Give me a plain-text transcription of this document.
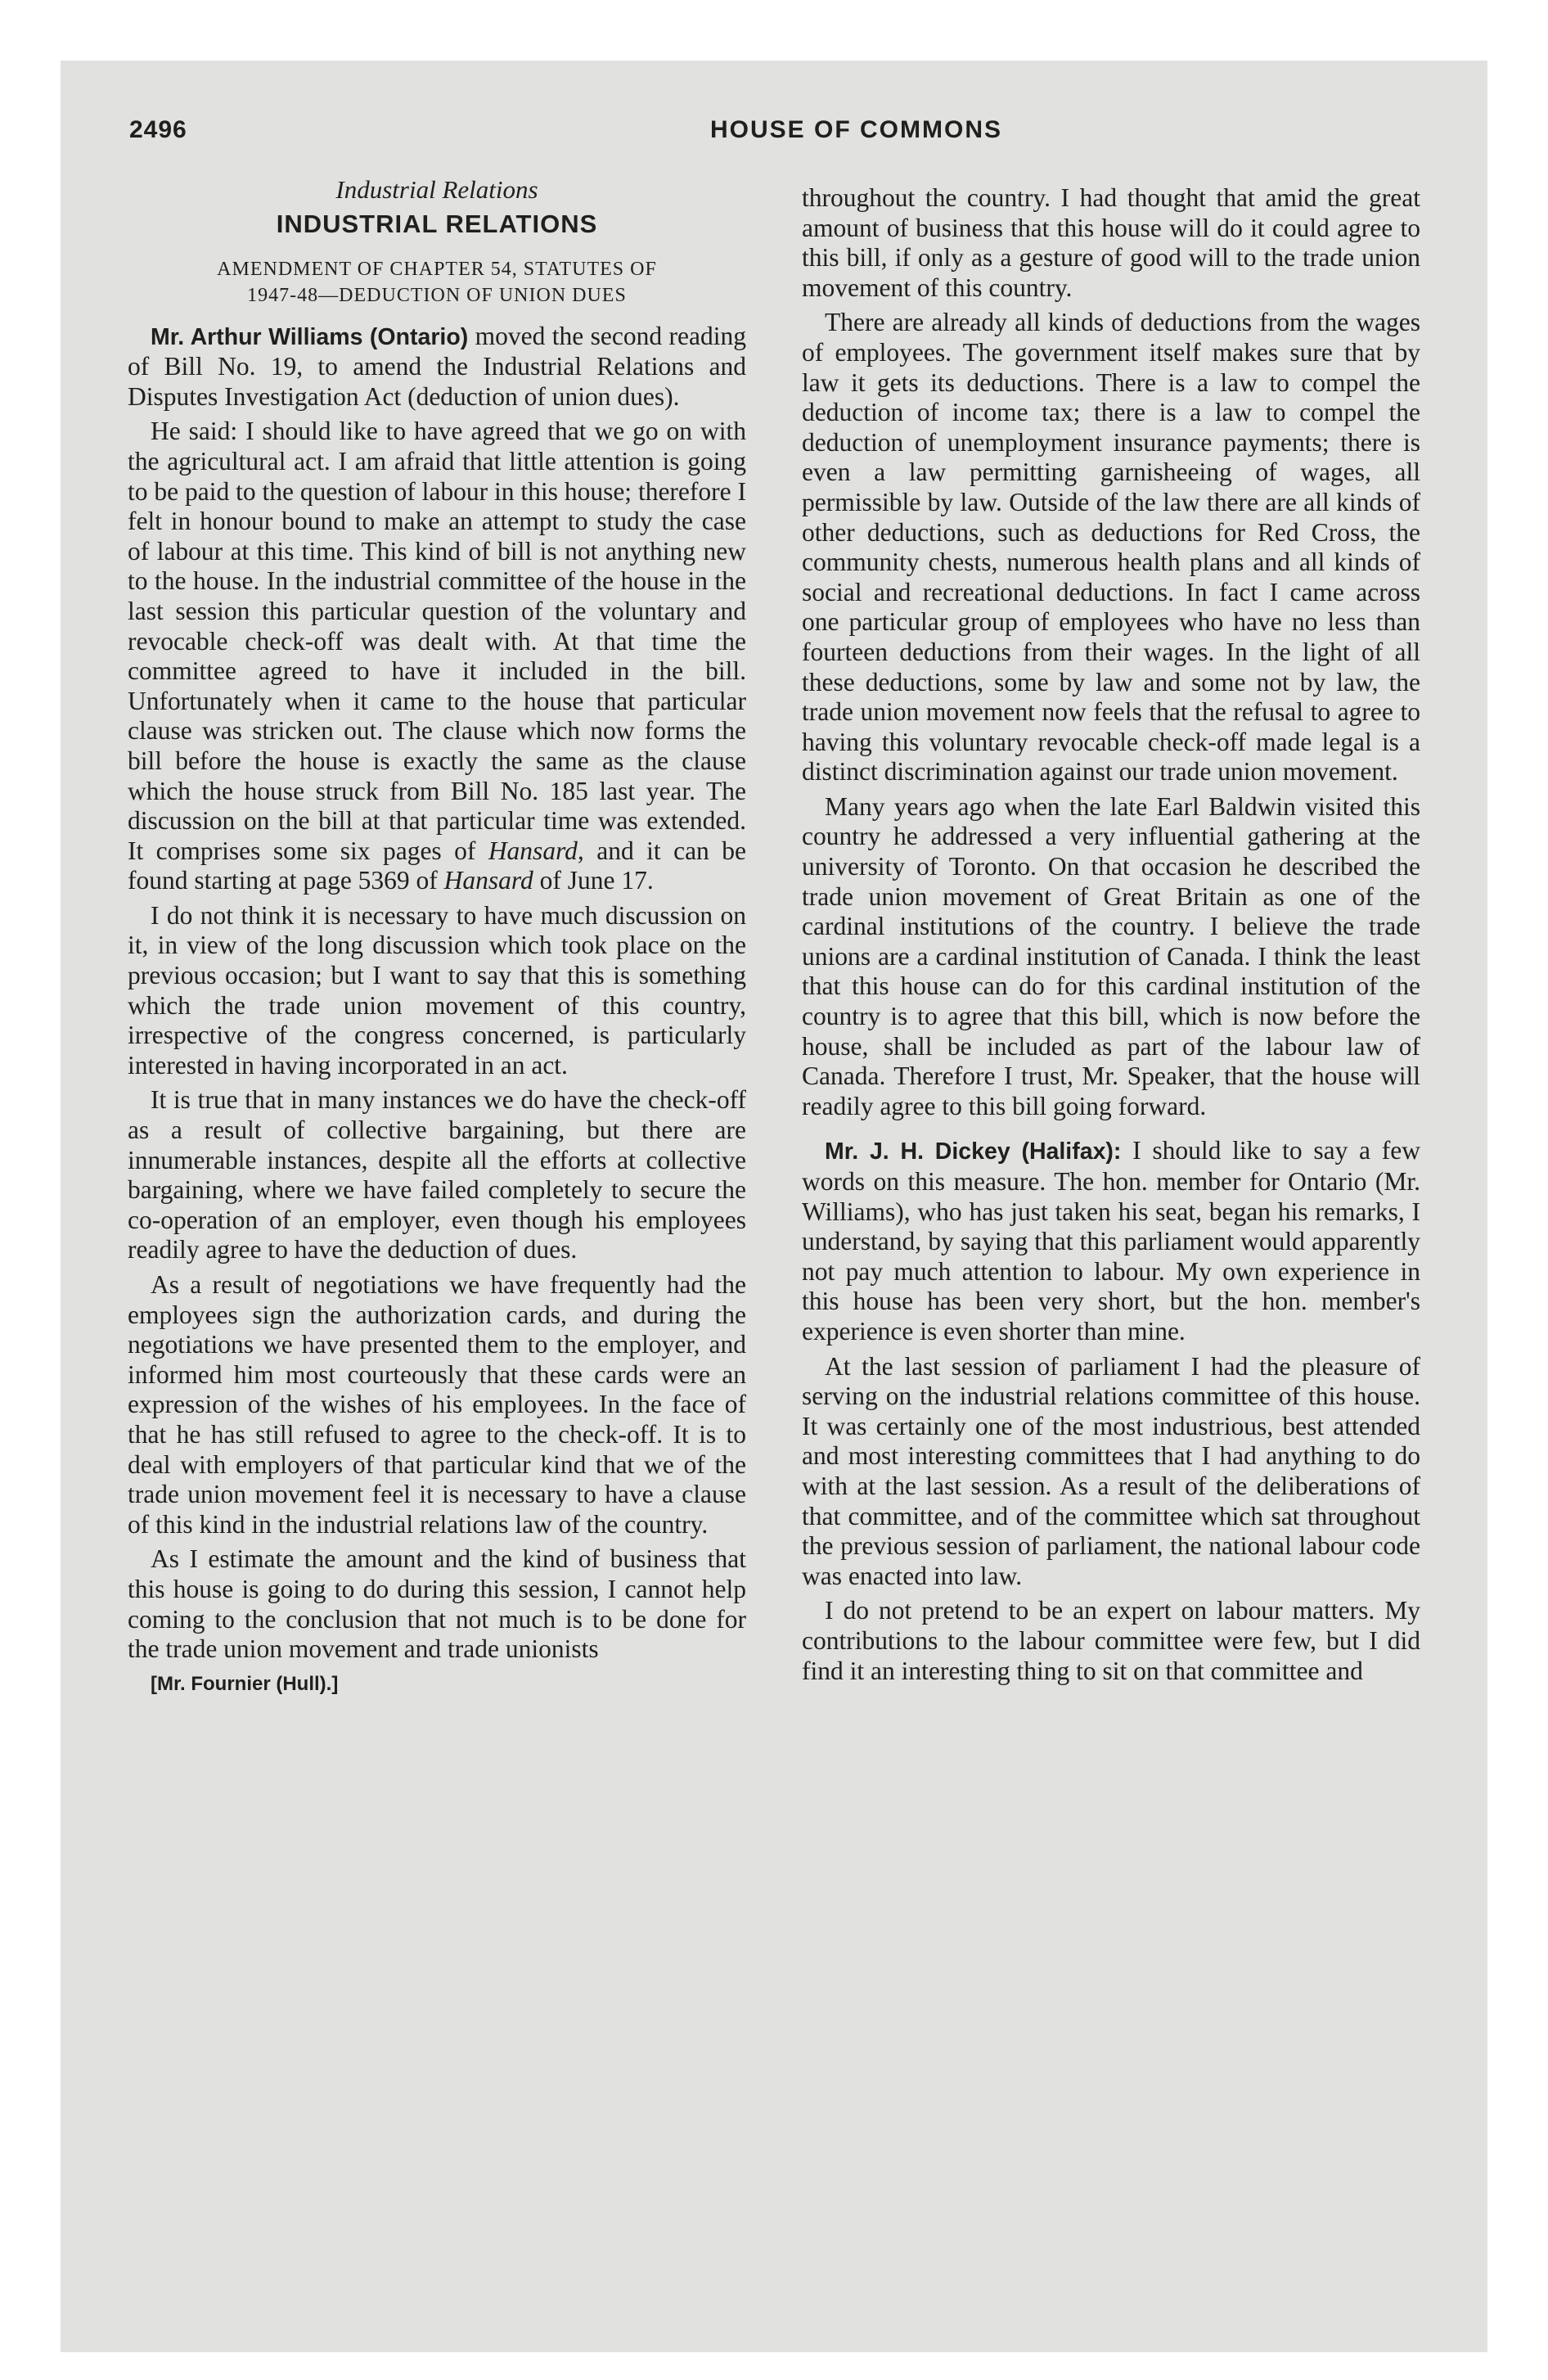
2496	HOUSE OF COMMONS

Industrial Relations

INDUSTRIAL RELATIONS
AMENDMENT OF CHAPTER 54, STATUTES OF
1947-48—DEDUCTION OF UNION DUES

Mr. Arthur Williams (Ontario) moved the second reading of Bill No. 19, to amend the Industrial Relations and Disputes Investigation Act (deduction of union dues).

He said: I should like to have agreed that we go on with the agricultural act. I am afraid that little attention is going to be paid to the question of labour in this house; therefore I felt in honour bound to make an attempt to study the case of labour at this time. This kind of bill is not anything new to the house. In the industrial committee of the house in the last session this particular question of the voluntary and revocable check-off was dealt with. At that time the committee agreed to have it included in the bill. Unfortunately when it came to the house that particular clause was stricken out. The clause which now forms the bill before the house is exactly the same as the clause which the house struck from Bill No. 185 last year. The discussion on the bill at that particular time was extended. It comprises some six pages of Hansard, and it can be found starting at page 5369 of Hansard of June 17.

I do not think it is necessary to have much discussion on it, in view of the long discussion which took place on the previous occasion; but I want to say that this is something which the trade union movement of this country, irrespective of the congress concerned, is particularly interested in having incorporated in an act.

It is true that in many instances we do have the check-off as a result of collective bargaining, but there are innumerable instances, despite all the efforts at collective bargaining, where we have failed completely to secure the co-operation of an employer, even though his employees readily agree to have the deduction of dues.

As a result of negotiations we have frequently had the employees sign the authorization cards, and during the negotiations we have presented them to the employer, and informed him most courteously that these cards were an expression of the wishes of his employees. In the face of that he has still refused to agree to the check-off. It is to deal with employers of that particular kind that we of the trade union movement feel it is necessary to have a clause of this kind in the industrial relations law of the country.

As I estimate the amount and the kind of business that this house is going to do during this session, I cannot help coming to the conclusion that not much is to be done for the trade union movement and trade unionists

[Mr. Fournier (Hull).]

throughout the country. I had thought that amid the great amount of business that this house will do it could agree to this bill, if only as a gesture of good will to the trade union movement of this country.

There are already all kinds of deductions from the wages of employees. The government itself makes sure that by law it gets its deductions. There is a law to compel the deduction of income tax; there is a law to compel the deduction of unemployment insurance payments; there is even a law permitting garnisheeing of wages, all permissible by law. Outside of the law there are all kinds of other deductions, such as deductions for Red Cross, the community chests, numerous health plans and all kinds of social and recreational deductions. In fact I came across one particular group of employees who have no less than fourteen deductions from their wages. In the light of all these deductions, some by law and some not by law, the trade union movement now feels that the refusal to agree to having this voluntary revocable check-off made legal is a distinct discrimination against our trade union movement.

Many years ago when the late Earl Baldwin visited this country he addressed a very influential gathering at the university of Toronto. On that occasion he described the trade union movement of Great Britain as one of the cardinal institutions of the country. I believe the trade unions are a cardinal institution of Canada. I think the least that this house can do for this cardinal institution of the country is to agree that this bill, which is now before the house, shall be included as part of the labour law of Canada. Therefore I trust, Mr. Speaker, that the house will readily agree to this bill going forward.

Mr. J. H. Dickey (Halifax): I should like to say a few words on this measure. The hon. member for Ontario (Mr. Williams), who has just taken his seat, began his remarks, I understand, by saying that this parliament would apparently not pay much attention to labour. My own experience in this house has been very short, but the hon. member's experience is even shorter than mine.

At the last session of parliament I had the pleasure of serving on the industrial relations committee of this house. It was certainly one of the most industrious, best attended and most interesting committees that I had anything to do with at the last session. As a result of the deliberations of that committee, and of the committee which sat throughout the previous session of parliament, the national labour code was enacted into law.

I do not pretend to be an expert on labour matters. My contributions to the labour committee were few, but I did find it an interesting thing to sit on that committee and
